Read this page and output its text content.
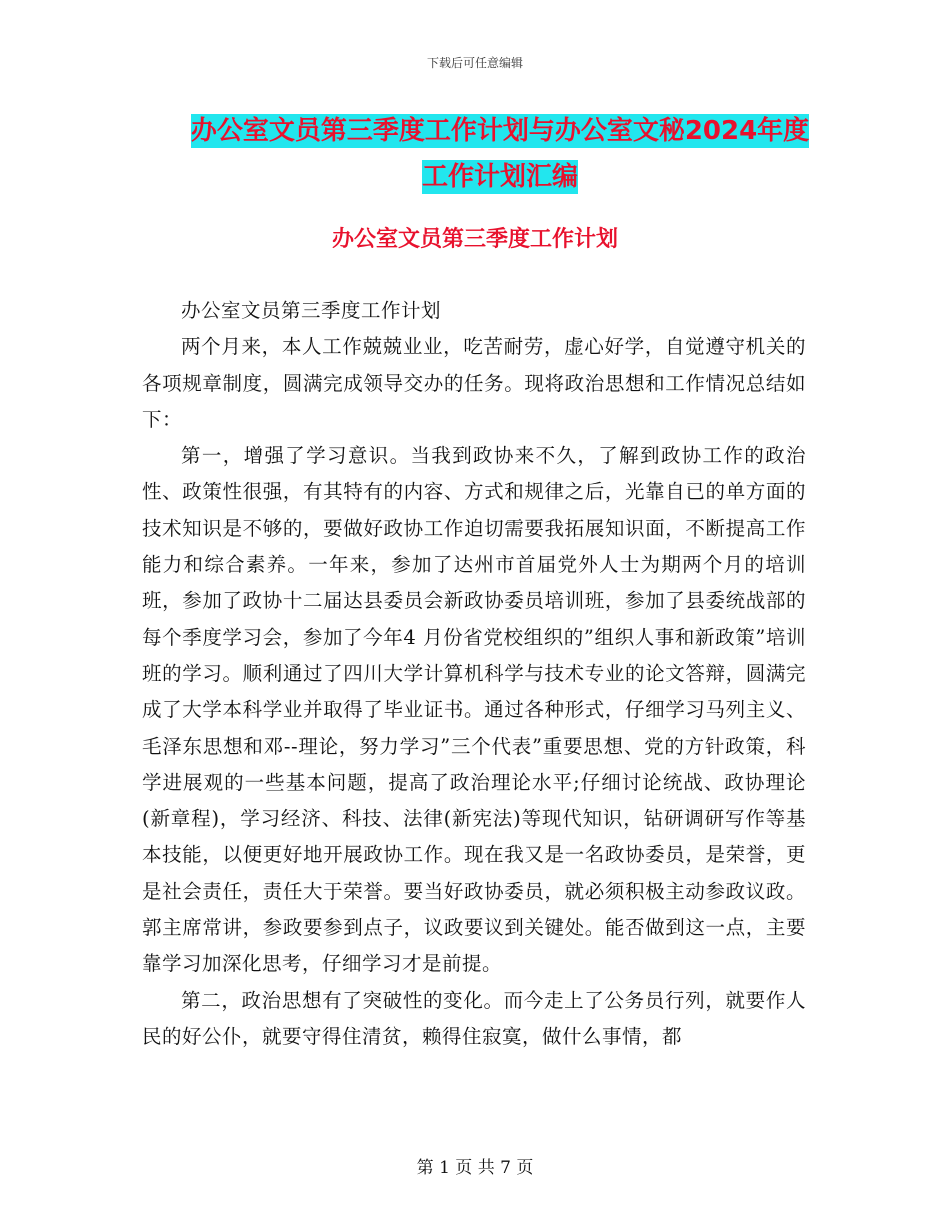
下载后可任意编辑
办公室文员第三季度工作计划与办公室文秘2024年度
工作计划汇编
办公室文员第三季度工作计划

办公室文员第三季度工作计划

两个月来，本人工作兢兢业业，吃苦耐劳，虚心好学，自觉遵守机关的各项规章制度，圆满完成领导交办的任务。现将政治思想和工作情况总结如下：

第一，增强了学习意识。当我到政协来不久，了解到政协工作的政治性、政策性很强，有其特有的内容、方式和规律之后，光靠自已的单方面的技术知识是不够的，要做好政协工作迫切需要我拓展知识面，不断提高工作能力和综合素养。一年来，参加了达州市首届党外人士为期两个月的培训班，参加了政协十二届达县委员会新政协委员培训班，参加了县委统战部的每个季度学习会，参加了今年4 月份省党校组织的”组织人事和新政策”培训班的学习。顺利通过了四川大学计算机科学与技术专业的论文答辩，圆满完成了大学本科学业并取得了毕业证书。通过各种形式，仔细学习马列主义、毛泽东思想和邓--理论，努力学习”三个代表”重要思想、党的方针政策，科学进展观的一些基本问题，提高了政治理论水平;仔细讨论统战、政协理论(新章程)，学习经济、科技、法律(新宪法)等现代知识，钻研调研写作等基本技能，以便更好地开展政协工作。现在我又是一名政协委员，是荣誉，更是社会责任，责任大于荣誉。要当好政协委员，就必须积极主动参政议政。郭主席常讲，参政要参到点子，议政要议到关键处。能否做到这一点，主要靠学习加深化思考，仔细学习才是前提。

第二，政治思想有了突破性的变化。而今走上了公务员行列，就要作人民的好公仆，就要守得住清贫，赖得住寂寞，做什么事情，都

第 1 页 共 7 页
